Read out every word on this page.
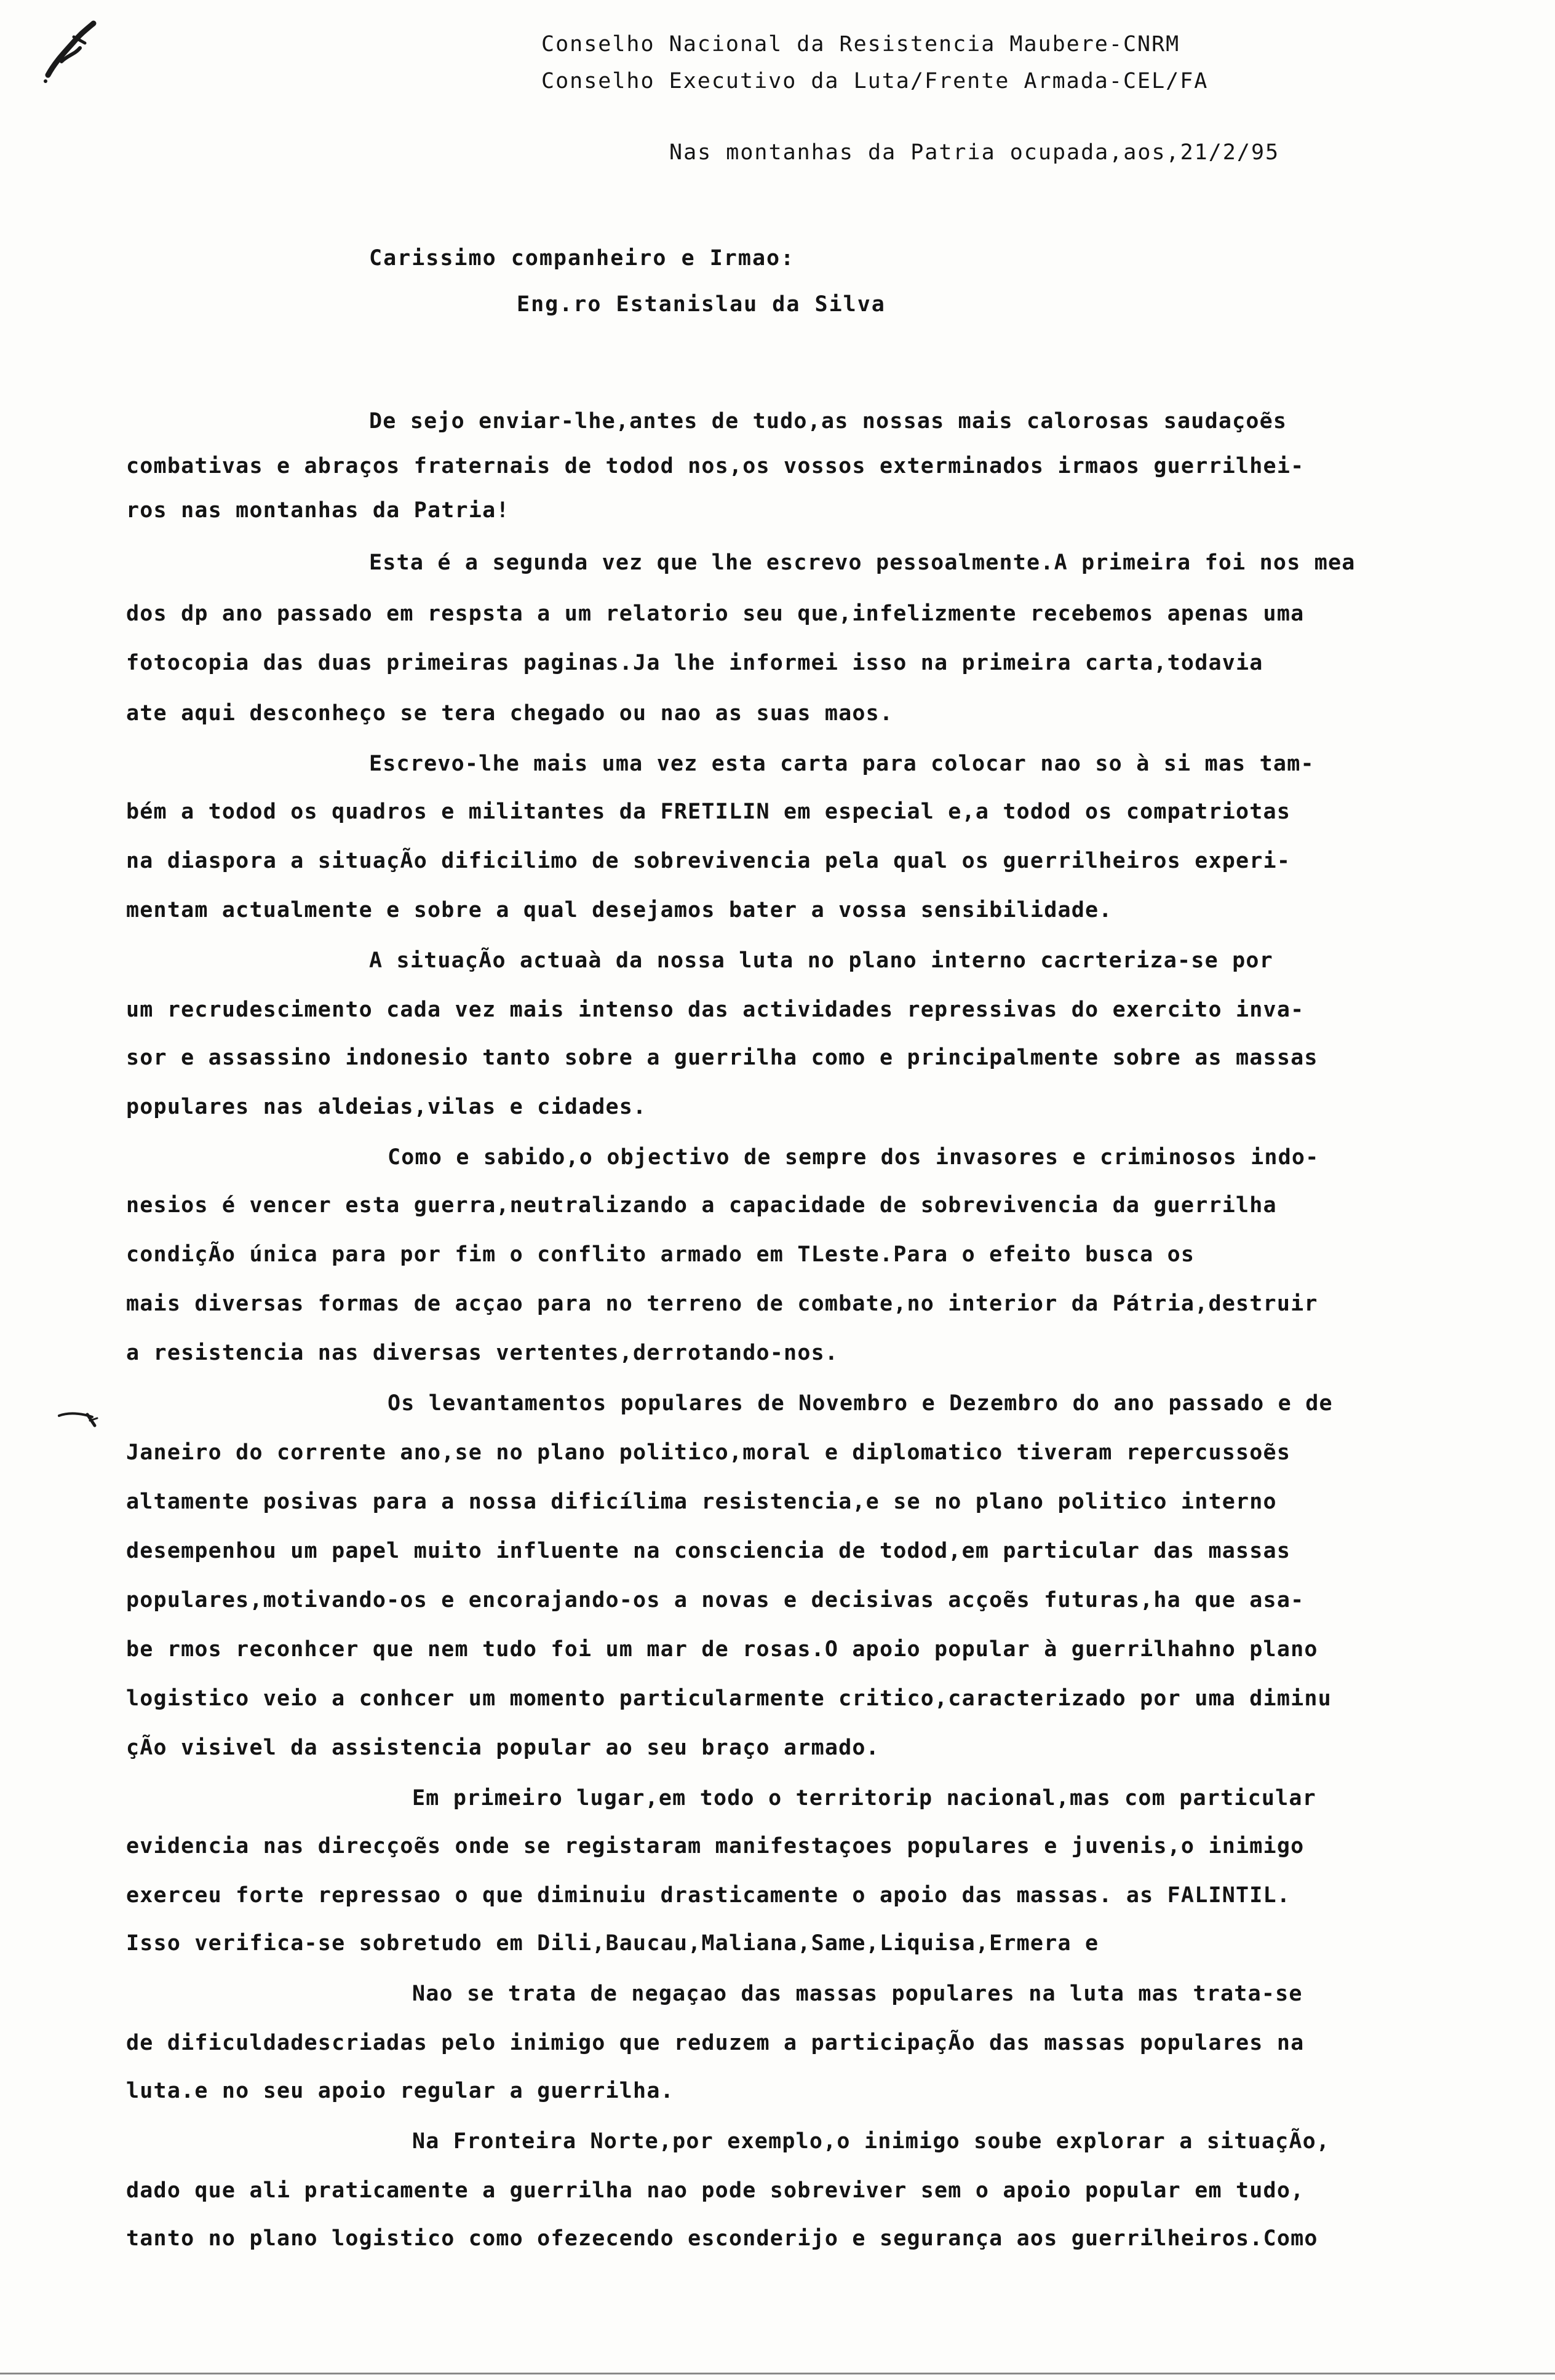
Conselho Nacional da Resistencia Maubere-CNRM
Conselho Executivo da Luta/Frente Armada-CEL/FA
Nas montanhas da Patria ocupada,aos,21/2/95
Carissimo companheiro e Irmao:
Eng.ro Estanislau da Silva
De sejo enviar-lhe,antes de tudo,as nossas mais calorosas saudaçoẽs
combativas e abraços fraternais de todod nos,os vossos exterminados irmaos guerrilhei-
ros nas montanhas da Patria!
Esta é a segunda vez que lhe escrevo pessoalmente.A primeira foi nos mea
dos dp ano passado em respsta a um relatorio seu que,infelizmente recebemos apenas uma
fotocopia das duas primeiras paginas.Ja lhe informei isso na primeira carta,todavia
ate aqui desconheço se tera chegado ou nao as suas maos.
Escrevo-lhe mais uma vez esta carta para colocar nao so à si mas tam-
bém a todod os quadros e militantes da FRETILIN em especial e,a todod os compatriotas
na diaspora a situaçÃo dificilimo de sobrevivencia pela qual os guerrilheiros experi-
mentam actualmente e sobre a qual desejamos bater a vossa sensibilidade.
A situaçÃo actuaà da nossa luta no plano interno cacrteriza-se por
um recrudescimento cada vez mais intenso das actividades repressivas do exercito inva-
sor e assassino indonesio tanto sobre a guerrilha como e principalmente sobre as massas
populares nas aldeias,vilas e cidades.
Como e sabido,o objectivo de sempre dos invasores e criminosos indo-
nesios é vencer esta guerra,neutralizando a capacidade de sobrevivencia da guerrilha
condiçÃo única para por fim o conflito armado em TLeste.Para o efeito busca os
mais diversas formas de acçao para no terreno de combate,no interior da Pátria,destruir
a resistencia nas diversas vertentes,derrotando-nos.
Os levantamentos populares de Novembro e Dezembro do ano passado e de
Janeiro do corrente ano,se no plano politico,moral e diplomatico tiveram repercussoẽs
altamente posivas para a nossa dificílima resistencia,e se no plano politico interno
desempenhou um papel muito influente na consciencia de todod,em particular das massas
populares,motivando-os e encorajando-os a novas e decisivas acçoẽs futuras,ha que asa-
be rmos reconhcer que nem tudo foi um mar de rosas.O apoio popular à guerrilhahno plano
logistico veio a conhcer um momento particularmente critico,caracterizado por uma diminu
çÃo visivel da assistencia popular ao seu braço armado.
Em primeiro lugar,em todo o territorip nacional,mas com particular
evidencia nas direcçoẽs onde se registaram manifestaçoes populares e juvenis,o inimigo
exerceu forte repressao o que diminuiu drasticamente o apoio das massas. as FALINTIL.
Isso verifica-se sobretudo em Dili,Baucau,Maliana,Same,Liquisa,Ermera e
Nao se trata de negaçao das massas populares na luta mas trata-se
de dificuldadescriadas pelo inimigo que reduzem a participaçÃo das massas populares na
luta.e no seu apoio regular a guerrilha.
Na Fronteira Norte,por exemplo,o inimigo soube explorar a situaçÃo,
dado que ali praticamente a guerrilha nao pode sobreviver sem o apoio popular em tudo,
tanto no plano logistico como ofezecendo esconderijo e segurança aos guerrilheiros.Como
